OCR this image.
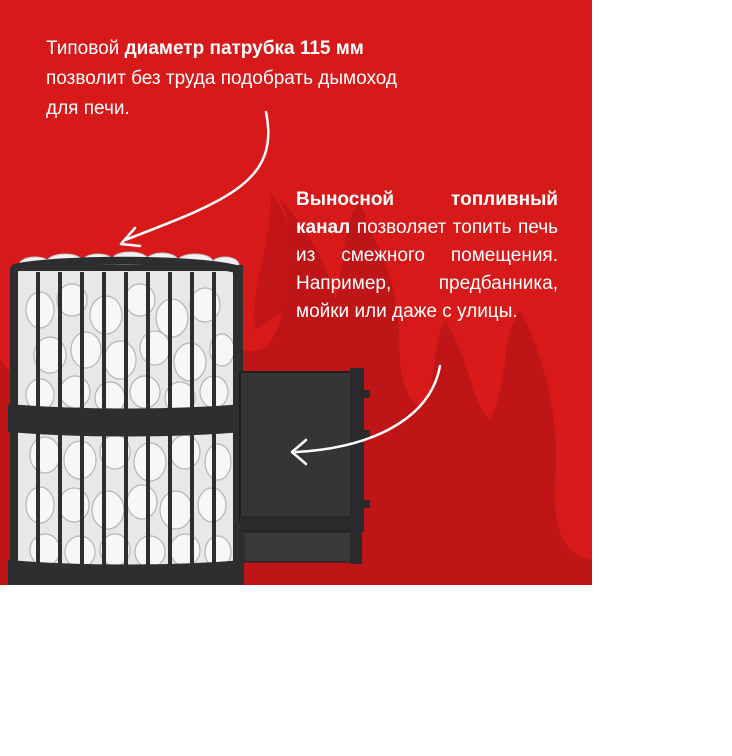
Типовой диаметр патрубка 115 мм
позволит без труда подобрать дымоход
для печи.
Выносной топливный канал позволяет топить печь из смежного помещения. Например, предбанника, мойки или даже с улицы.
